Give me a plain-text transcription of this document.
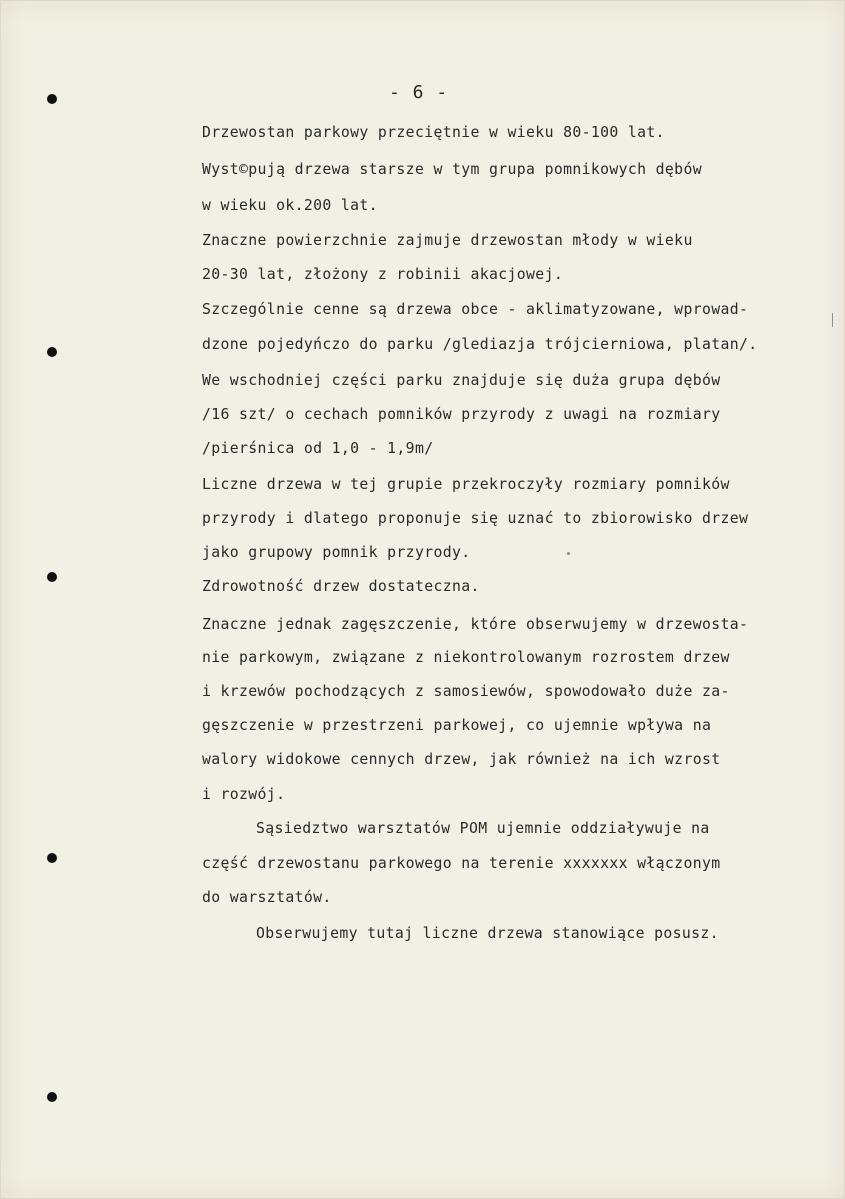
- 6 -
Drzewostan parkowy przeciętnie w wieku 80-100 lat.
Wyst©pują drzewa starsze w tym grupa pomnikowych dębów
w wieku ok.200 lat.
Znaczne powierzchnie zajmuje drzewostan młody w wieku
20-30 lat, złożony z robinii akacjowej.
Szczególnie cenne są drzewa obce - aklimatyzowane, wprowad-
dzone pojedyńczo do parku /glediazja trójcierniowa, platan/.
We wschodniej części parku znajduje się duża grupa dębów
/16 szt/ o cechach pomników przyrody z uwagi na rozmiary
/pierśnica od 1,0 - 1,9m/
Liczne drzewa w tej grupie przekroczyły rozmiary pomników
przyrody i dlatego proponuje się uznać to zbiorowisko drzew
jako grupowy pomnik przyrody.
Zdrowotność drzew dostateczna.
Znaczne jednak zagęszczenie, które obserwujemy w drzewosta-
nie parkowym, związane z niekontrolowanym rozrostem drzew
i krzewów pochodzących z samosiewów, spowodowało duże za-
gęszczenie w przestrzeni parkowej, co ujemnie wpływa na
walory widokowe cennych drzew, jak również na ich wzrost
i rozwój.
Sąsiedztwo warsztatów POM ujemnie oddziaływuje na
część drzewostanu parkowego na terenie xxxxxxx włączonym
do warsztatów.
Obserwujemy tutaj liczne drzewa stanowiące posusz.
